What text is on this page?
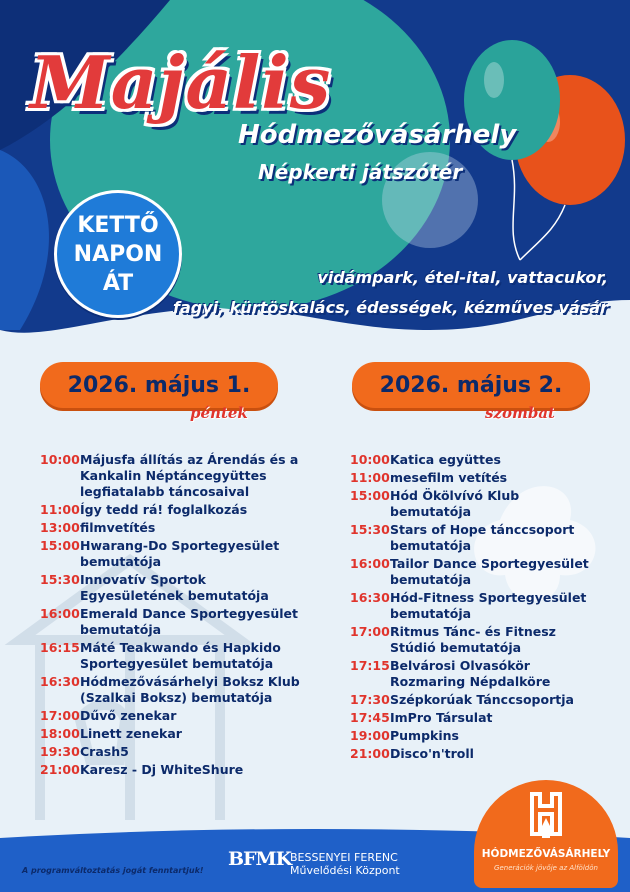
Majális
Hódmezővásárhely
Népkerti játszótér
KETTŐ
NAPON
ÁT	vidámpark, étel-ital, vattacukor,
fagyi, kürtöskalács, édességek, kézműves vásár
2026. május 1.
péntek
2026. május 2.
szombat
10:00 Májusfa állítás az Árendás és a Kankalin Néptáncegyüttes legfiatalabb táncosaival
11:00 Így tedd rá! foglalkozás
13:00 filmvetítés
15:00 Hwarang-Do Sportegyesület bemutatója
15:30 Innovatív Sportok Egyesületének bemutatója
16:00 Emerald Dance Sportegyesület bemutatója
16:15 Máté Teakwando és Hapkido Sportegyesület bemutatója
16:30 Hódmezővásárhelyi Boksz Klub (Szalkai Boksz) bemutatója
17:00 Dűvő zenekar
18:00 Linett zenekar
19:30 Crash5
21:00 Karesz - Dj WhiteShure
10:00 Katica együttes
11:00 mesefilm vetítés
15:00 Hód Ökölvívó Klub bemutatója
15:30 Stars of Hope tánccsoport bemutatója
16:00 Tailor Dance Sportegyesület bemutatója
16:30 Hód-Fitness Sportegyesület bemutatója
17:00 Ritmus Tánc- és Fitnesz Stúdió bemutatója
17:15 Belvárosi Olvasókör Rozmaring Népdalköre
17:30 Szépkorúak Tánccsoportja
17:45 ImPro Társulat
19:00 Pumpkins
21:00 Disco'n'troll
HÓDMEZŐVÁSÁRHELY
Generációk jövője az Alföldön
A programváltoztatás jogát fenntartjuk!
BFMK
BESSENYEI FERENC
Művelődési Központ
